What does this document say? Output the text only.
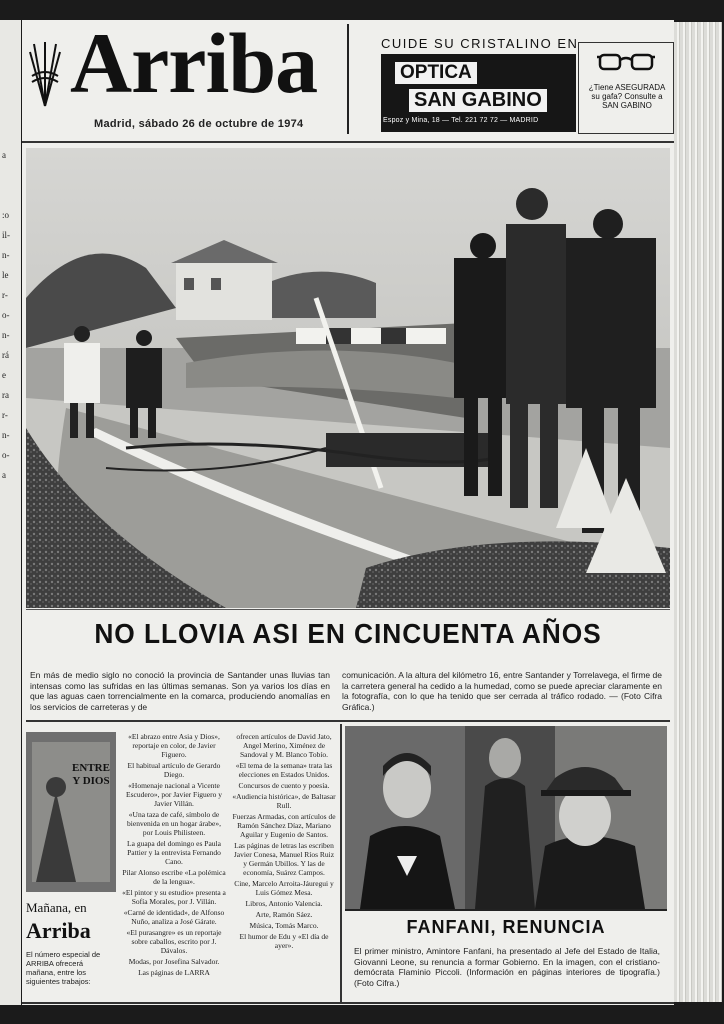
a
:o
il-
n-
le
r-
o-
n-
rá
e
ra
r-
n-
o-
a
Arriba
Madrid, sábado 26 de octubre de 1974
CUIDE SU CRISTALINO EN
OPTICA
SAN GABINO
Espoz y Mina, 18 — Tel. 221 72 72 — MADRID
¿Tiene ASEGURADA su gafa? Consulte a SAN GABINO
NO LLOVIA ASI EN CINCUENTA AÑOS
En más de medio siglo no conoció la provincia de Santander unas lluvias tan intensas como las sufridas en las últimas semanas. Son ya varios los días en que las aguas caen torrencialmente en la comarca, produciendo anomalías en los servicios de carreteras y de
comunicación. A la altura del kilómetro 16, entre Santander y Torrelavega, el firme de la carretera general ha cedido a la humedad, como se puede apreciar claramente en la fotografía, con lo que ha tenido que ser cerrada al tráfico rodado. — (Foto Cifra Gráfica.)
ENTRE Y DIOS
Mañana, en
Arriba
El número especial de ARRIBA ofrecerá mañana, entre los siguientes trabajos:

«El abrazo entre Asia y Dios», reportaje en color, de Javier Figuero.

El habitual artículo de Gerardo Diego.

«Homenaje nacional a Vicente Escudero», por Javier Figuero y Javier Villán.

«Una taza de café, símbolo de bienvenida en un hogar árabe», por Louis Philisteen.

La guapa del domingo es Paula Pattier y la entrevista Fernando Cano.

Pilar Alonso escribe «La polémica de la lengua».

«El pintor y su estudio» presenta a Sofía Morales, por J. Villán.

«Carné de identidad», de Alfonso Nuño, analiza a José Gárate.

«El purasangre» es un reportaje sobre caballos, escrito por J. Dávalos.

Modas, por Josefina Salvador.

Las páginas de LARRA

ofrecen artículos de David Jato, Angel Merino, Ximénez de Sandoval y M. Blanco Tobío.

«El tema de la semana» trata las elecciones en Estados Unidos.

Concursos de cuento y poesía.

«Audiencia histórica», de Baltasar Rull.

Fuerzas Armadas, con artículos de Ramón Sánchez Díaz, Mariano Aguilar y Eugenio de Santos.

Las páginas de letras las escriben Javier Conesa, Manuel Ríos Ruiz y Germán Ubillos. Y las de economía, Suárez Campos.

Cine, Marcelo Arroita-Jáuregui y Luis Gómez Mesa.

Libros, Antonio Valencia.

Arte, Ramón Sáez.

Música, Tomás Marco.

El humor de Edu y «El día de ayer».

FANFANI, RENUNCIA
El primer ministro, Amintore Fanfani, ha presentado al Jefe del Estado de Italia, Giovanni Leone, su renuncia a formar Gobierno. En la imagen, con el cristiano-demócrata Flaminio Piccoli. (Información en páginas interiores de tipografía.) (Foto Cifra.)
